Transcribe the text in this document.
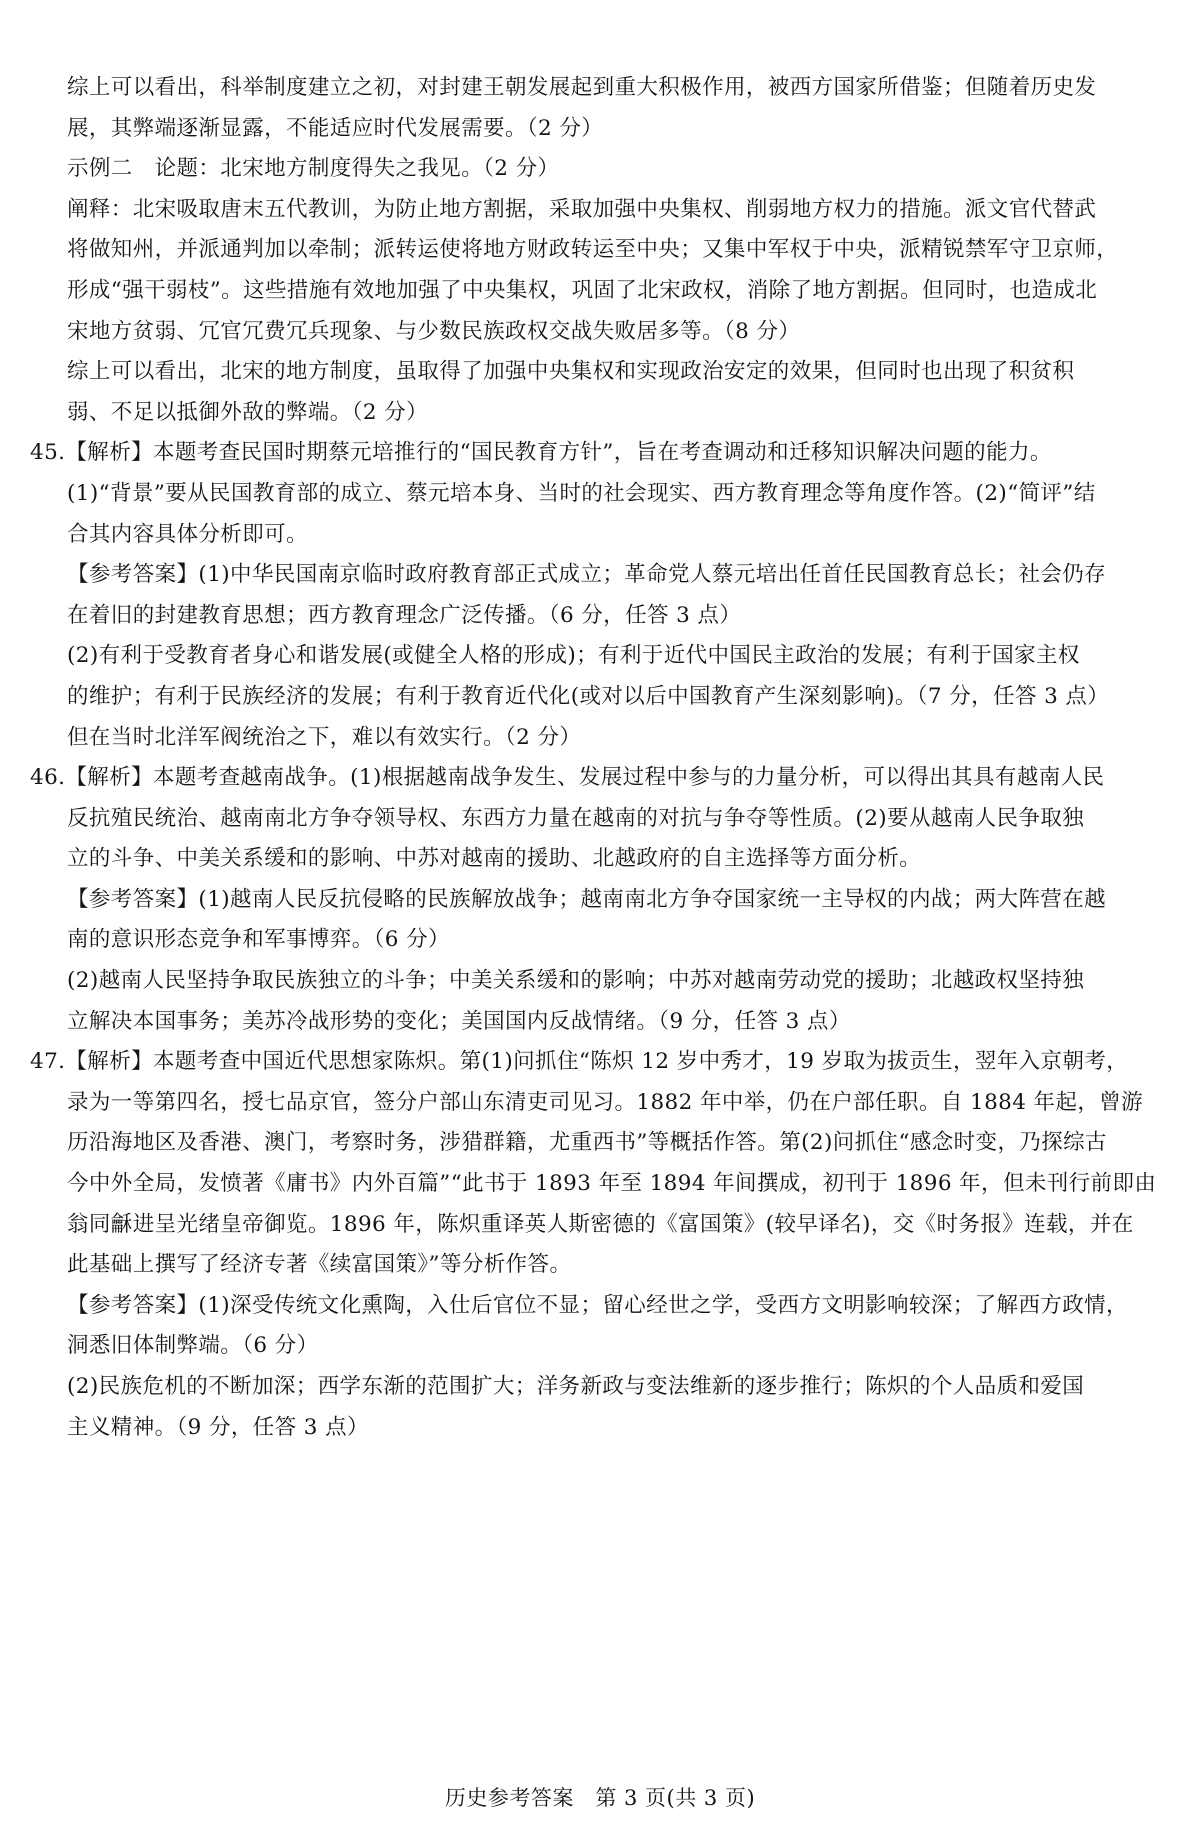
综上可以看出，科举制度建立之初，对封建王朝发展起到重大积极作用，被西方国家所借鉴；但随着历史发
展，其弊端逐渐显露，不能适应时代发展需要。（2 分）
示例二　论题：北宋地方制度得失之我见。（2 分）
阐释：北宋吸取唐末五代教训，为防止地方割据，采取加强中央集权、削弱地方权力的措施。派文官代替武
将做知州，并派通判加以牵制；派转运使将地方财政转运至中央；又集中军权于中央，派精锐禁军守卫京师，
形成“强干弱枝”。这些措施有效地加强了中央集权，巩固了北宋政权，消除了地方割据。但同时，也造成北
宋地方贫弱、冗官冗费冗兵现象、与少数民族政权交战失败居多等。（8 分）
综上可以看出，北宋的地方制度，虽取得了加强中央集权和实现政治安定的效果，但同时也出现了积贫积
弱、不足以抵御外敌的弊端。（2 分）
45.【解析】本题考查民国时期蔡元培推行的“国民教育方针”，旨在考查调动和迁移知识解决问题的能力。
(1)“背景”要从民国教育部的成立、蔡元培本身、当时的社会现实、西方教育理念等角度作答。(2)“简评”结
合其内容具体分析即可。
【参考答案】(1)中华民国南京临时政府教育部正式成立；革命党人蔡元培出任首任民国教育总长；社会仍存
在着旧的封建教育思想；西方教育理念广泛传播。（6 分，任答 3 点）
(2)有利于受教育者身心和谐发展(或健全人格的形成)；有利于近代中国民主政治的发展；有利于国家主权
的维护；有利于民族经济的发展；有利于教育近代化(或对以后中国教育产生深刻影响)。（7 分，任答 3 点）
但在当时北洋军阀统治之下，难以有效实行。（2 分）
46.【解析】本题考查越南战争。(1)根据越南战争发生、发展过程中参与的力量分析，可以得出其具有越南人民
反抗殖民统治、越南南北方争夺领导权、东西方力量在越南的对抗与争夺等性质。(2)要从越南人民争取独
立的斗争、中美关系缓和的影响、中苏对越南的援助、北越政府的自主选择等方面分析。
【参考答案】(1)越南人民反抗侵略的民族解放战争；越南南北方争夺国家统一主导权的内战；两大阵营在越
南的意识形态竞争和军事博弈。（6 分）
(2)越南人民坚持争取民族独立的斗争；中美关系缓和的影响；中苏对越南劳动党的援助；北越政权坚持独
立解决本国事务；美苏冷战形势的变化；美国国内反战情绪。（9 分，任答 3 点）
47.【解析】本题考查中国近代思想家陈炽。第(1)问抓住“陈炽 12 岁中秀才，19 岁取为拔贡生，翌年入京朝考，
录为一等第四名，授七品京官，签分户部山东清吏司见习。1882 年中举，仍在户部任职。自 1884 年起，曾游
历沿海地区及香港、澳门，考察时务，涉猎群籍，尤重西书”等概括作答。第(2)问抓住“感念时变，乃探综古
今中外全局，发愤著《庸书》内外百篇”“此书于 1893 年至 1894 年间撰成，初刊于 1896 年，但未刊行前即由
翁同龢进呈光绪皇帝御览。1896 年，陈炽重译英人斯密德的《富国策》(较早译名)，交《时务报》连载，并在
此基础上撰写了经济专著《续富国策》”等分析作答。
【参考答案】(1)深受传统文化熏陶，入仕后官位不显；留心经世之学，受西方文明影响较深；了解西方政情，
洞悉旧体制弊端。（6 分）
(2)民族危机的不断加深；西学东渐的范围扩大；洋务新政与变法维新的逐步推行；陈炽的个人品质和爱国
主义精神。（9 分，任答 3 点）
历史参考答案　第 3 页(共 3 页)
